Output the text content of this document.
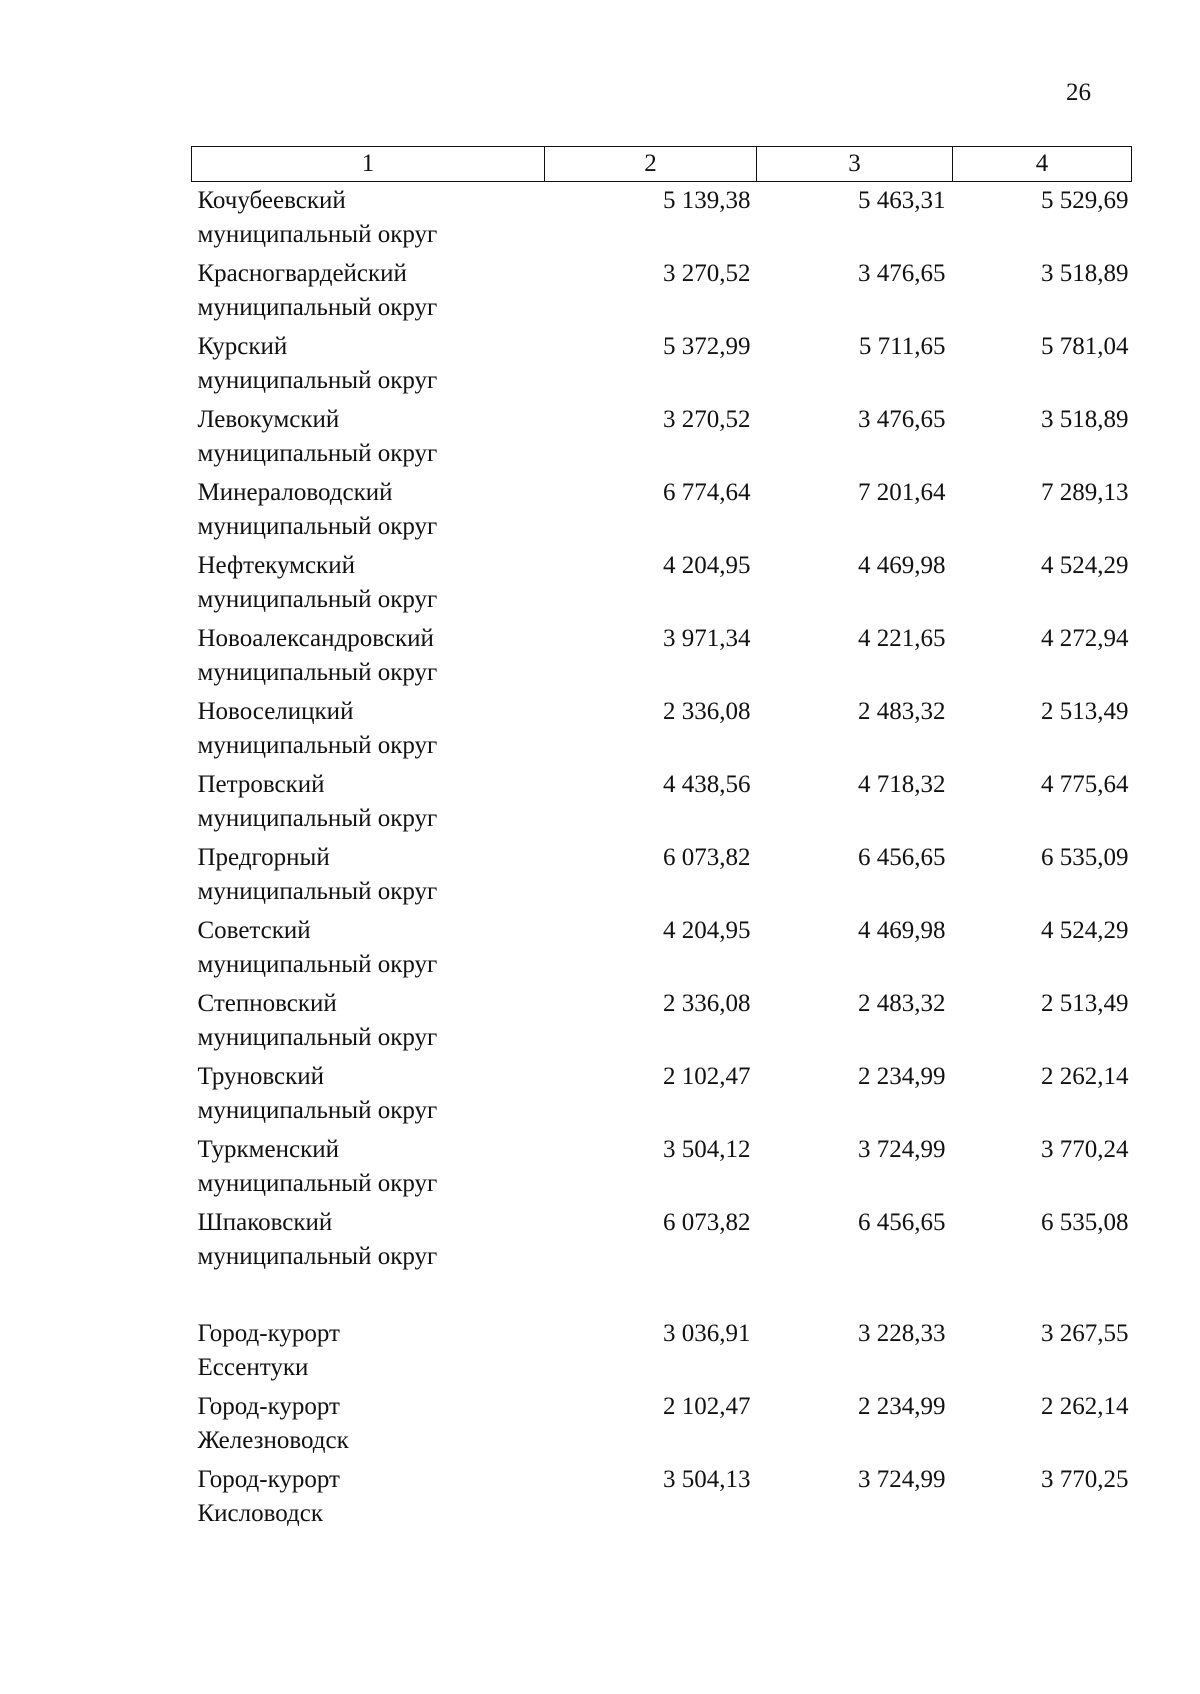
26
1	2	3	4

Кочубеевский
муниципальный округ	5 139,38	5 463,31	5 529,69

Красногвардейский
муниципальный округ	3 270,52	3 476,65	3 518,89

Курский
муниципальный округ	5 372,99	5 711,65	5 781,04

Левокумский
муниципальный округ	3 270,52	3 476,65	3 518,89

Минераловодский
муниципальный округ	6 774,64	7 201,64	7 289,13

Нефтекумский
муниципальный округ	4 204,95	4 469,98	4 524,29

Новоалександровский
муниципальный округ	3 971,34	4 221,65	4 272,94

Новоселицкий
муниципальный округ	2 336,08	2 483,32	2 513,49

Петровский
муниципальный округ	4 438,56	4 718,32	4 775,64

Предгорный
муниципальный округ	6 073,82	6 456,65	6 535,09

Советский
муниципальный округ	4 204,95	4 469,98	4 524,29

Степновский
муниципальный округ	2 336,08	2 483,32	2 513,49

Труновский
муниципальный округ	2 102,47	2 234,99	2 262,14

Туркменский
муниципальный округ	3 504,12	3 724,99	3 770,24

Шпаковский
муниципальный округ	6 073,82	6 456,65	6 535,08

Город-курорт
Ессентуки	3 036,91	3 228,33	3 267,55

Город-курорт
Железноводск	2 102,47	2 234,99	2 262,14

Город-курорт
Кисловодск	3 504,13	3 724,99	3 770,25
